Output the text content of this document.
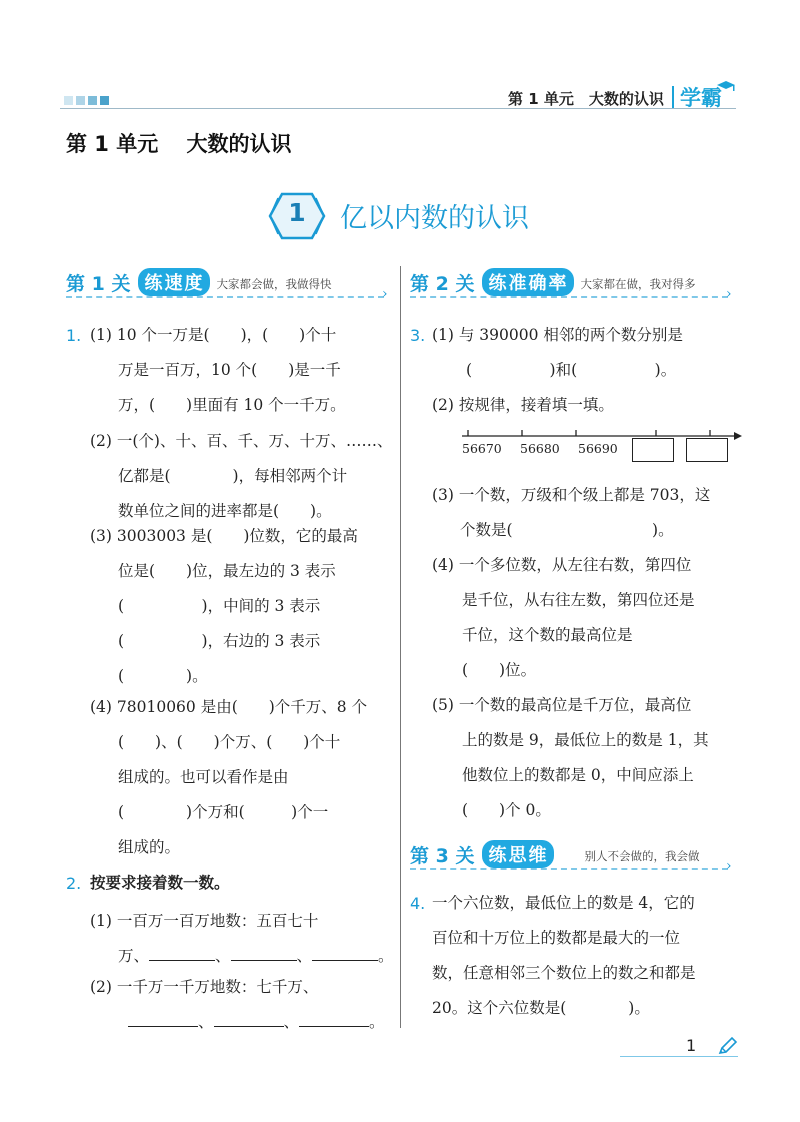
第 1 单元　大数的认识 学霸
第 1 单元　 大数的认识
1	亿以内数的认识
第 1 关 练速度	大家都会做，我做得快
› 第 2 关 练准确率	大家都在做，我对得多
›
1. (1) 10 个一万是(　　)，(　　)个十

万是一百万，10 个(　　)是一千

万，(　　)里面有 10 个一千万。

(2) 一(个)、十、百、千、万、十万、……、

亿都是(　　　　)，每相邻两个计

数单位之间的进率都是(　　)。

(3) 3003003 是(　　)位数，它的最高

位是(　　)位，最左边的 3 表示

(　　　　　)，中间的 3 表示

(　　　　　)，右边的 3 表示

(　　　　)。

(4) 78010060 是由(　　)个千万、8 个

(　　)、(　　)个万、(　　)个十

组成的。也可以看作是由

(　　　　)个万和(　　　)个一

组成的。

2. 按要求接着数一数。

(1) 一百万一百万地数：五百七十

万、	、	、	。

(2) 一千万一千万地数：七千万、

、	、	。

3. (1) 与 390000 相邻的两个数分别是

(　　　　　)和(　　　　　)。

(2) 按规律，接着填一填。
56670 56680 56690

(3) 一个数，万级和个级上都是 703，这

个数是(　　　　　　　　　)。

(4) 一个多位数，从左往右数，第四位

是千位，从右往左数，第四位还是

千位，这个数的最高位是

(　　)位。

(5) 一个数的最高位是千万位，最高位

上的数是 9，最低位上的数是 1，其

他数位上的数都是 0，中间应添上

(　　)个 0。

第 3 关 练思维	别人不会做的，我会做
›
4. 一个六位数，最低位上的数是 4，它的

百位和十万位上的数都是最大的一位

数，任意相邻三个数位上的数之和都是

20。这个六位数是(　　　　)。

1
